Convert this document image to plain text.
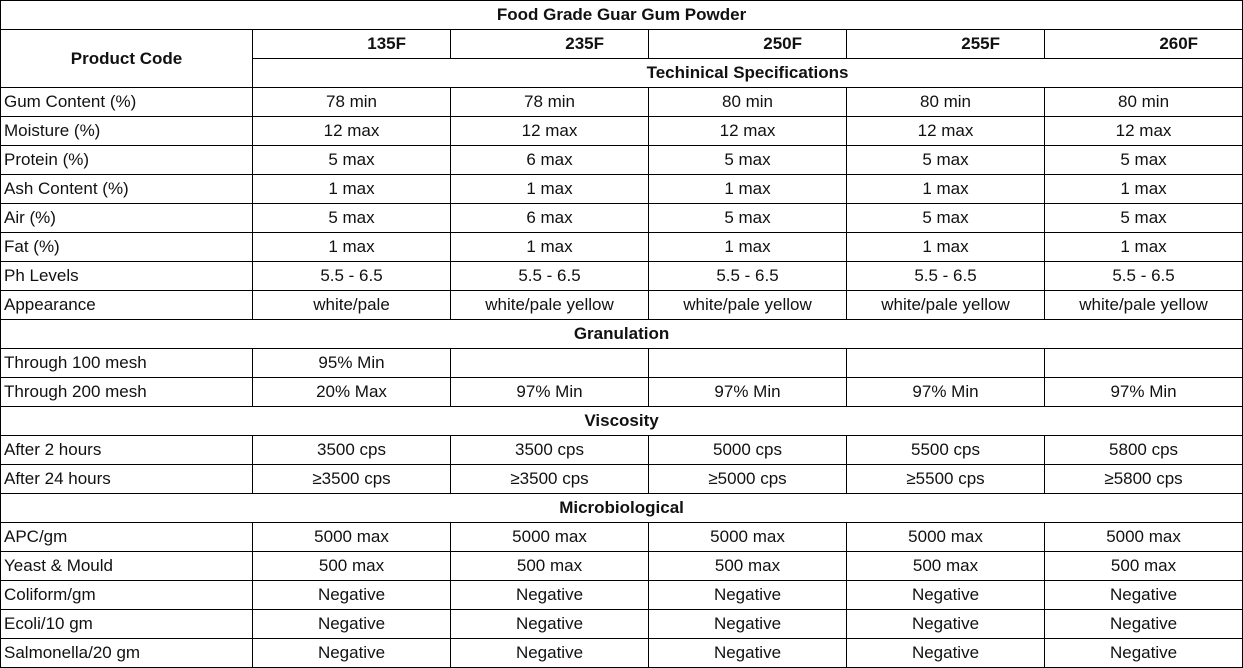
Food Grade Guar Gum Powder					
Product Code	135F	235F	250F	255F	260F
	Techinical Specifications				
Gum Content (%)	78 min	78 min	80 min	80 min	80 min
Moisture (%)	12 max	12 max	12 max	12 max	12 max
Protein (%)	5 max	6 max	5 max	5 max	5 max
Ash Content (%)	1 max	1 max	1 max	1 max	1 max
Air (%)	5 max	6 max	5 max	5 max	5 max
Fat (%)	1 max	1 max	1 max	1 max	1 max
Ph Levels	5.5 - 6.5	5.5 - 6.5	5.5 - 6.5	5.5 - 6.5	5.5 - 6.5
Appearance	white/pale	white/pale yellow	white/pale yellow	white/pale yellow	white/pale yellow
Granulation					
Through 100 mesh	95% Min				
Through 200 mesh	20% Max	97% Min	97% Min	97% Min	97% Min
Viscosity					
After 2 hours	3500 cps	3500 cps	5000 cps	5500 cps	5800 cps
After 24 hours	≥3500 cps	≥3500 cps	≥5000 cps	≥5500 cps	≥5800 cps
Microbiological					
APC/gm	5000 max	5000 max	5000 max	5000 max	5000 max
Yeast & Mould	500 max	500 max	500 max	500 max	500 max
Coliform/gm	Negative	Negative	Negative	Negative	Negative
Ecoli/10 gm	Negative	Negative	Negative	Negative	Negative
Salmonella/20 gm	Negative	Negative	Negative	Negative	Negative
